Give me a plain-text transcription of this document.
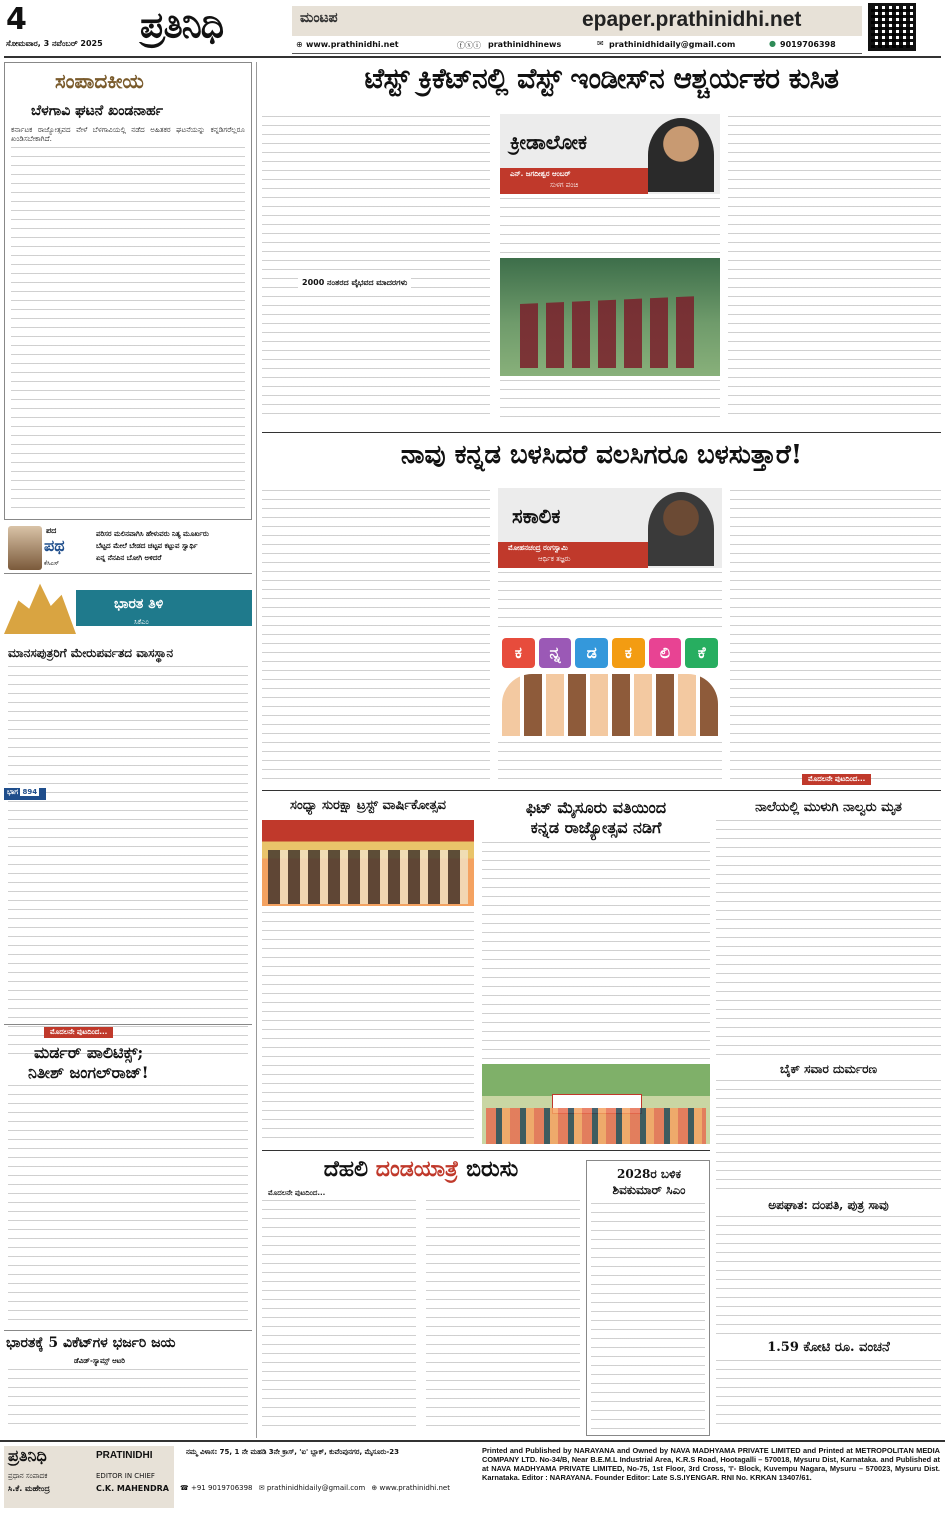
4
ಸೋಮವಾರ, 3 ನವೆಂಬರ್ 2025 ಪ್ರತಿನಿಧಿ	ಮಂಟಪ	epaper.prathinidhi.net
⊕ www.prathinidhi.net	ⓕⓧⓘ prathinidhinews	✉ prathinidhidaily@gmail.com	● 9019706398
ಸಂಪಾದಕೀಯ
ಬೆಳಗಾವಿ ಘಟನೆ ಖಂಡನಾರ್ಹ
ಕರ್ನಾಟಕ ರಾಜ್ಯೋತ್ಸವದ ವೇಳೆ ಬೆಳಗಾವಿಯಲ್ಲಿ ನಡೆದ ಅಹಿತಕರ ಘಟನೆಯನ್ನು ಕನ್ನಡಿಗರೆಲ್ಲರೂ ಖಂಡಿಸಬೇಕಾಗಿದೆ.
ಪದ
ಪಥ
ಕೆಸಿಎಸ್
ಪರಿಸರ ಮಲಿನವಾಗಿಸಿ ಹೇಳುವರು ನಿತ್ಯ ಮೂರ್ಖರು
ಬೆಟ್ಟದ ಮೇಲೆ ಬೇಡದ ಚಟ್ಟವ ಕಟ್ಟುವ ಸ್ವಾರ್ಥಿ
ಏನ್ನ ನೆನಪಿನ ಬೋಗಿ ಅಳಿದರೆ
ಭಾರತ ತಿಳಿ
ಸಿಕೆಎಂ
ಮಾನಸಪುತ್ರರಿಗೆ ಮೇರುಪರ್ವತದ ವಾಸಸ್ಥಾನ
ಭಾಗ 894
ಮೊದಲನೇ ಪುಟದಿಂದ...
ಮರ್ಡರ್ ಪಾಲಿಟಿಕ್ಸ್;
ನಿತೀಶ್ ಜಂಗಲ್‌ರಾಜ್!
ಭಾರತಕ್ಕೆ 5 ವಿಕೆಟ್‌ಗಳ ಭರ್ಜರಿ ಜಯ
ಡೆವಿಡ್-ಸ್ಯಾಮ್ಸ್ ಆಟರಿ
ಟೆಸ್ಟ್ ಕ್ರಿಕೆಟ್‌ನಲ್ಲಿ ವೆಸ್ಟ್ ಇಂಡೀಸ್‌ನ ಆಶ್ಚರ್ಯಕರ ಕುಸಿತ
2000 ನಂತರದ ವೈಭವದ ಮಾದರಗಳು
ಕ್ರೀಡಾಲೋಕ
ಎನ್. ಜಗದೀಶ್ವರ ಆಂಬರ್
ಸುಳಗ ಪಂಚಿ
ನಾವು ಕನ್ನಡ ಬಳಸಿದರೆ ವಲಸಿಗರೂ ಬಳಸುತ್ತಾರೆ!
ಸಕಾಲಿಕ
ಮೋಹನಚಂದ್ರ ರಂಗಸ್ವಾಮಿ
ಆರ್ಥಿಕ ತಜ್ಞರು
ಕ	ನ್ನ	ಡ	ಕ	ಲಿ	ಕೆ
ಮೊದಲನೇ ಪುಟದಿಂದ...
ಸಂಧ್ಯಾ ಸುರಕ್ಷಾ ಟ್ರಸ್ಟ್ ವಾರ್ಷಿಕೋತ್ಸವ	ಫಿಟ್ ಮೈಸೂರು ವತಿಯಿಂದ
ಕನ್ನಡ ರಾಜ್ಯೋತ್ಸವ ನಡಿಗೆ
ನಾಲೆಯಲ್ಲಿ ಮುಳುಗಿ ನಾಲ್ವರು ಮೃತ
ಬೈಕ್ ಸವಾರ ದುರ್ಮರಣ
ಅಪಘಾತ: ದಂಪತಿ, ಪುತ್ರ ಸಾವು
1.59 ಕೋಟಿ ರೂ. ವಂಚನೆ
ದೆಹಲಿ ದಂಡಯಾತ್ರೆ ಬಿರುಸು
ಮೊದಲನೇ ಪುಟದಿಂದ...
2028ರ ಬಳಿಕ
ಶಿವಕುಮಾರ್ ಸಿಎಂ
ಪ್ರತಿನಿಧಿ	PRATINIDHI
ಪ್ರಧಾನ ಸಂಪಾದಕ
ಸಿ.ಕೆ. ಮಹೇಂದ್ರ
EDITOR IN CHIEF
C.K. MAHENDRA
ನಮ್ಮ ವಿಳಾಸ: 75, 1 ನೇ ಮಹಡಿ 3ನೇ ಕ್ರಾಸ್, 'ಐ' ಬ್ಲಾಕ್, ಕುವೆಂಪುನಗರ, ಮೈಸೂರು-23
☎ +91 9019706398 ✉ prathinidhidaily@gmail.com ⊕ www.prathinidhi.net
Printed and Published by NARAYANA and Owned by NAVA MADHYAMA PRIVATE LIMITED and Printed at METROPOLITAN MEDIA COMPANY LTD. No-34/B, Near B.E.M.L Industrial Area, K.R.S Road, Hootagalli – 570018, Mysuru Dist, Karnataka. and Published at at NAVA MADHYAMA PRIVATE LIMITED, No-75, 1st Floor, 3rd Cross, 'I'- Block, Kuvempu Nagara, Mysuru – 570023, Mysuru Dist. Karnataka. Editor : NARAYANA. Founder Editor: Late S.S.IYENGAR. RNI No. KRKAN 13407/61.
